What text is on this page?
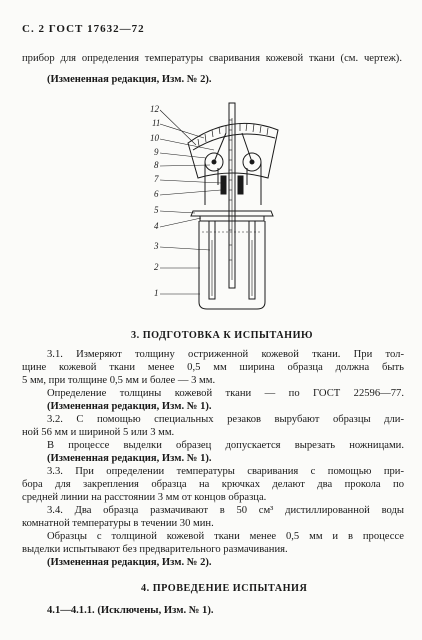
С. 2 ГОСТ 17632—72
прибор для определения температуры сваривания кожевой ткани (см. чертеж).
(Измененная редакция, Изм. № 2).
12
11
10
9
8
7
6
5
4
3
2
1
3. ПОДГОТОВКА К ИСПЫТАНИЮ
3.1. Измеряют толщину остриженной кожевой ткани. При тол-
щине кожевой ткани менее 0,5 мм ширина образца должна быть
5 мм, при толщине 0,5 мм и более — 3 мм.
Определение толщины кожевой ткани — по ГОСТ 22596—77.
(Измененная редакция, Изм. № 1).
3.2. С помощью специальных резаков вырубают образцы дли-
ной 56 мм и шириной 5 или 3 мм.
В процессе выделки образец допускается вырезать ножницами.
(Измененная редакция, Изм. № 1).
3.3. При определении температуры сваривания с помощью при-
бора для закрепления образца на крючках делают два прокола по
средней линии на расстоянии 3 мм от концов образца.
3.4. Два образца размачивают в 50 см³ дистиллированной воды
комнатной температуры в течении 30 мин.
Образцы с толщиной кожевой ткани менее 0,5 мм и в процессе
выделки испытывают без предварительного размачивания.
(Измененная редакция, Изм. № 2).
4. ПРОВЕДЕНИЕ ИСПЫТАНИЯ
4.1—4.1.1. (Исключены, Изм. № 1).
